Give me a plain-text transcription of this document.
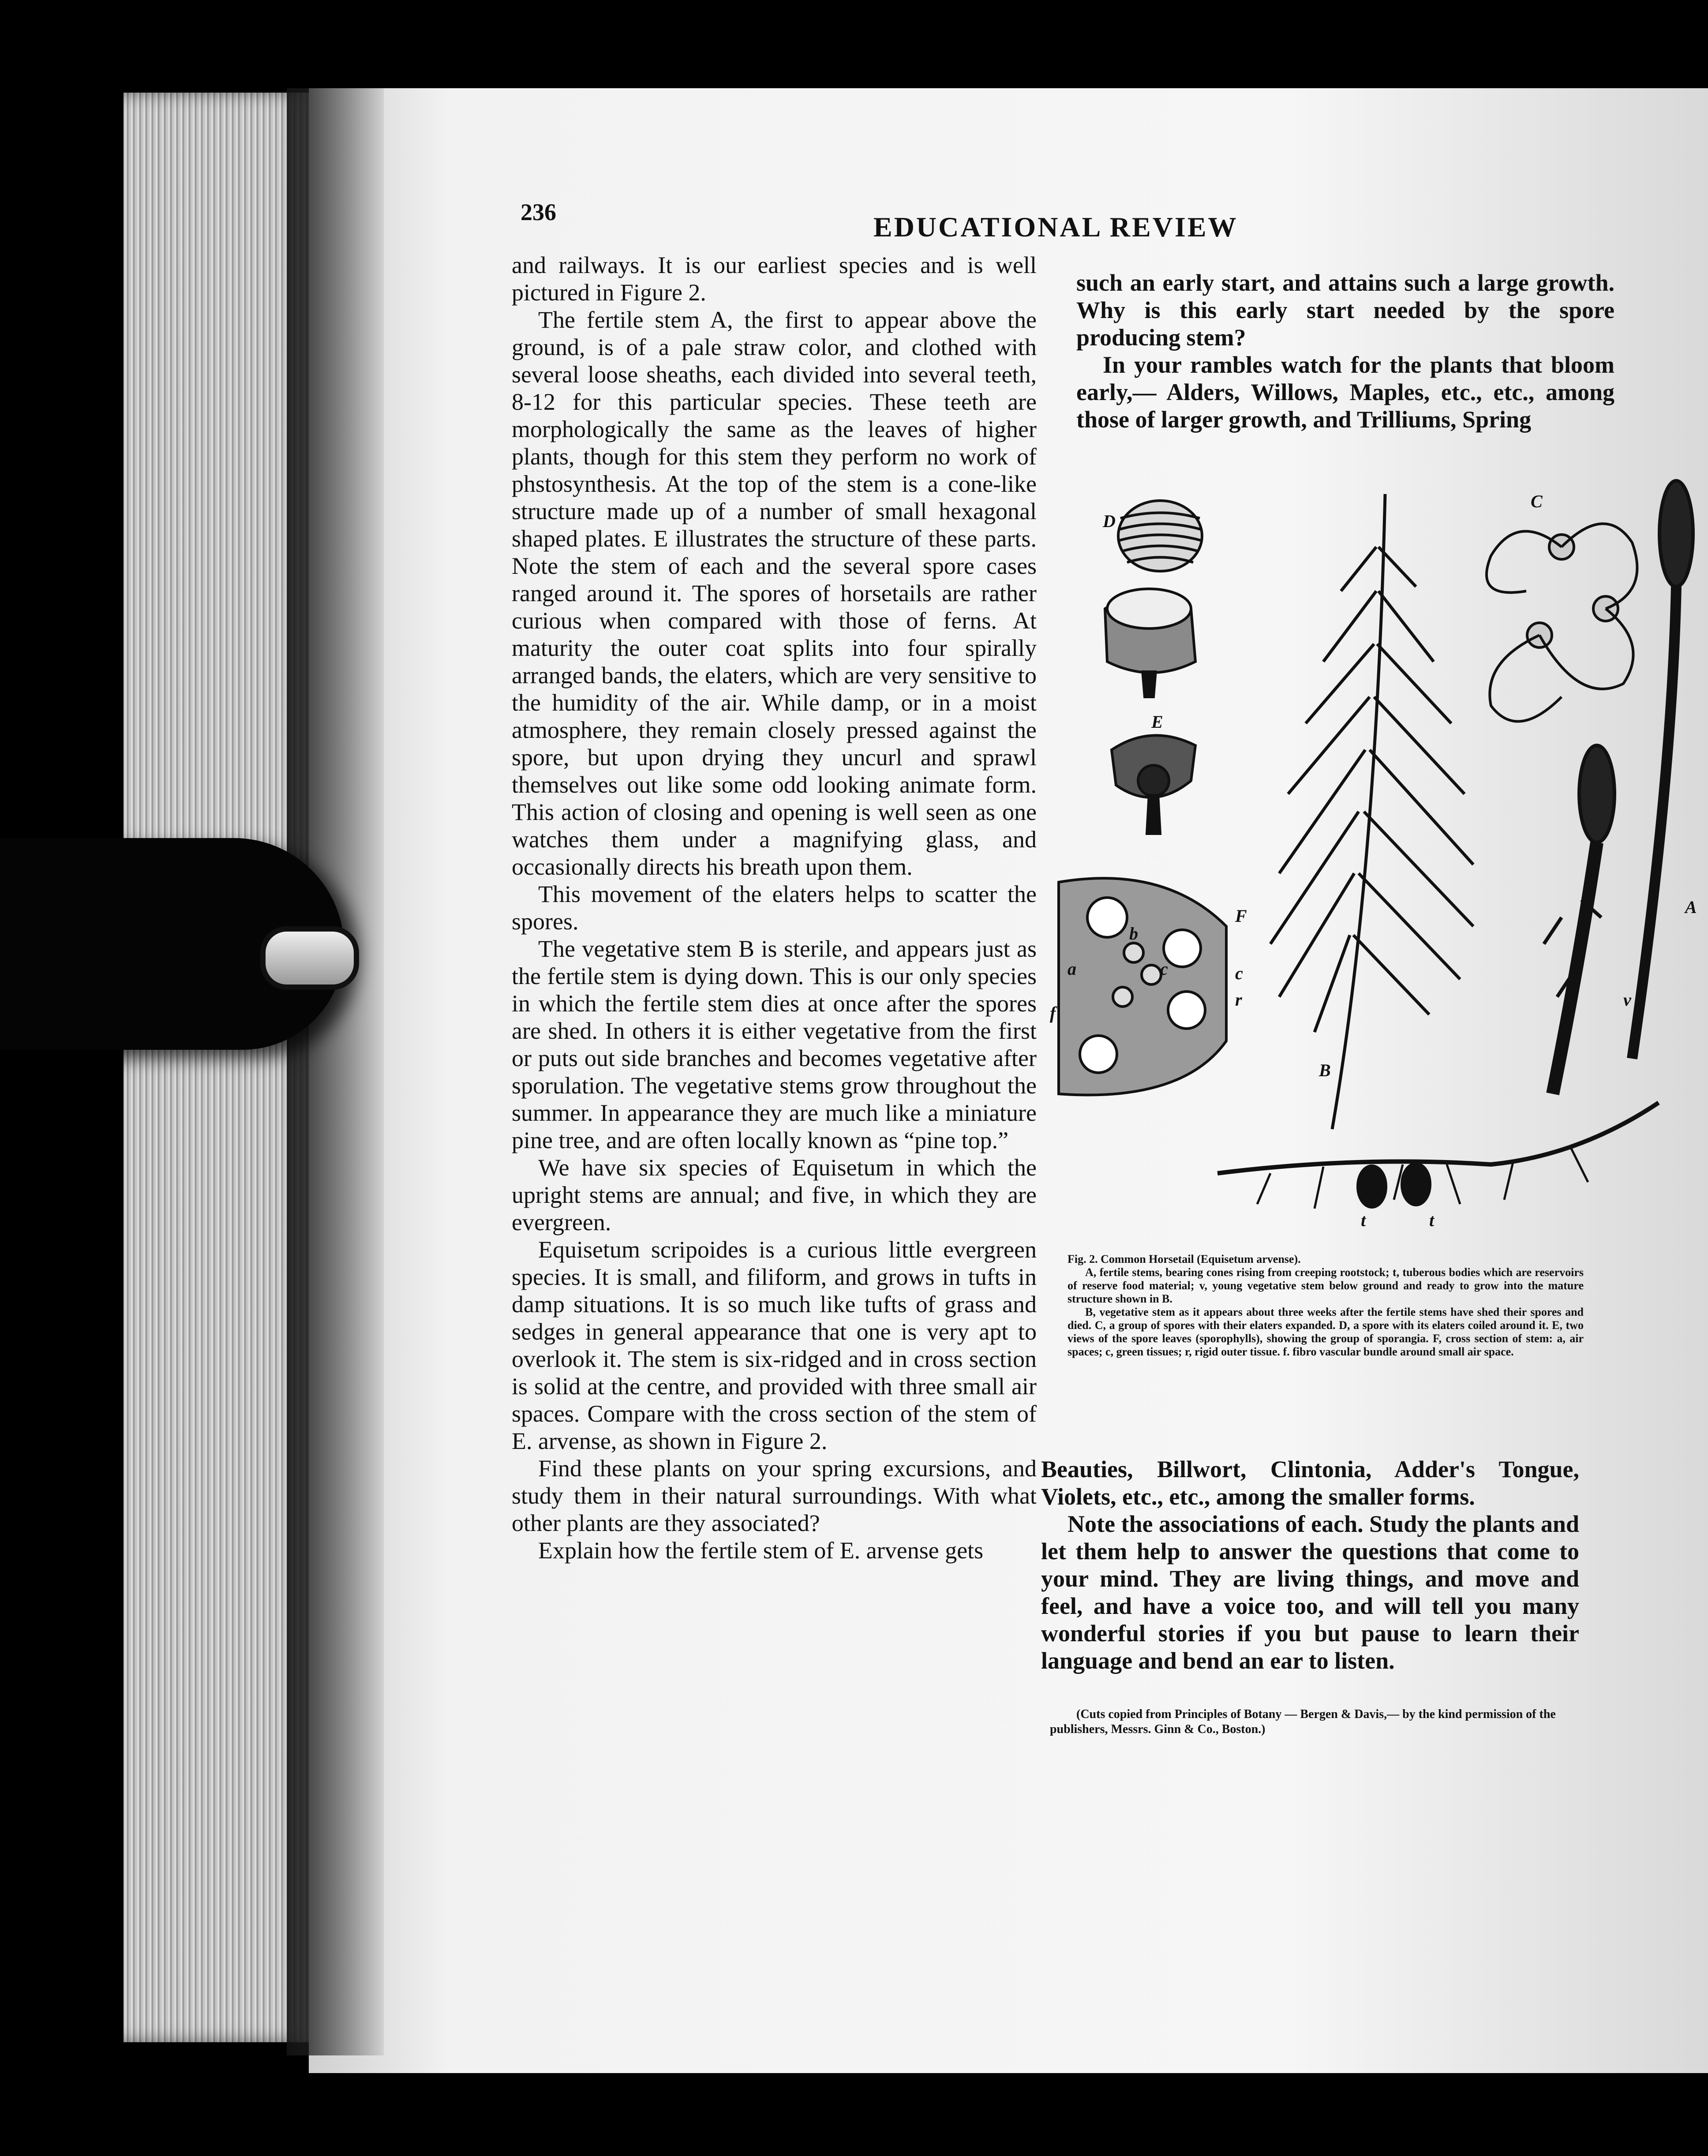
236	EDUCATIONAL REVIEW

and railways. It is our earliest species and is well pictured in Figure 2.

The fertile stem A, the first to appear above the ground, is of a pale straw color, and clothed with several loose sheaths, each divided into several teeth, 8-12 for this particular species. These teeth are morphologically the same as the leaves of higher plants, though for this stem they perform no work of phstosynthesis. At the top of the stem is a cone-like structure made up of a number of small hexagonal shaped plates. E illustrates the structure of these parts. Note the stem of each and the several spore cases ranged around it. The spores of horsetails are rather curious when compared with those of ferns. At maturity the outer coat splits into four spirally arranged bands, the elaters, which are very sensitive to the humidity of the air. While damp, or in a moist atmosphere, they remain closely pressed against the spore, but upon drying they uncurl and sprawl themselves out like some odd looking animate form. This action of closing and opening is well seen as one watches them under a magnifying glass, and occasionally directs his breath upon them.

This movement of the elaters helps to scatter the spores.

The vegetative stem B is sterile, and appears just as the fertile stem is dying down. This is our only species in which the fertile stem dies at once after the spores are shed. In others it is either vegetative from the first or puts out side branches and becomes vegetative after sporulation. The vegetative stems grow throughout the summer. In appearance they are much like a miniature pine tree, and are often locally known as “pine top.”

We have six species of Equisetum in which the upright stems are annual; and five, in which they are evergreen.

Equisetum scripoides is a curious little evergreen species. It is small, and filiform, and grows in tufts in damp situations. It is so much like tufts of grass and sedges in general appearance that one is very apt to overlook it. The stem is six-ridged and in cross section is solid at the centre, and provided with three small air spaces. Compare with the cross section of the stem of E. arvense, as shown in Figure 2.

Find these plants on your spring excursions, and study them in their natural surroundings. With what other plants are they associated?

Explain how the fertile stem of E. arvense gets

such an early start, and attains such a large growth. Why is this early start needed by the spore producing stem?

In your rambles watch for the plants that bloom early,— Alders, Willows, Maples, etc., etc., among those of larger growth, and Trilliums, Spring

D
E
F
a
b
c
f
c
r
B
C
A
v
t	t

Fig. 2. Common Horsetail (Equisetum arvense).

A, fertile stems, bearing cones rising from creeping rootstock; t, tuberous bodies which are reservoirs of reserve food material; v, young vegetative stem below ground and ready to grow into the mature structure shown in B.

B, vegetative stem as it appears about three weeks after the fertile stems have shed their spores and died. C, a group of spores with their elaters expanded. D, a spore with its elaters coiled around it. E, two views of the spore leaves (sporophylls), showing the group of sporangia. F, cross section of stem: a, air spaces; c, green tissues; r, rigid outer tissue. f. fibro vascular bundle around small air space.

Beauties, Billwort, Clintonia, Adder's Tongue, Violets, etc., etc., among the smaller forms.

Note the associations of each. Study the plants and let them help to answer the questions that come to your mind. They are living things, and move and feel, and have a voice too, and will tell you many wonderful stories if you but pause to learn their language and bend an ear to listen.

(Cuts copied from Principles of Botany — Bergen & Davis,— by the kind permission of the publishers, Messrs. Ginn & Co., Boston.)
